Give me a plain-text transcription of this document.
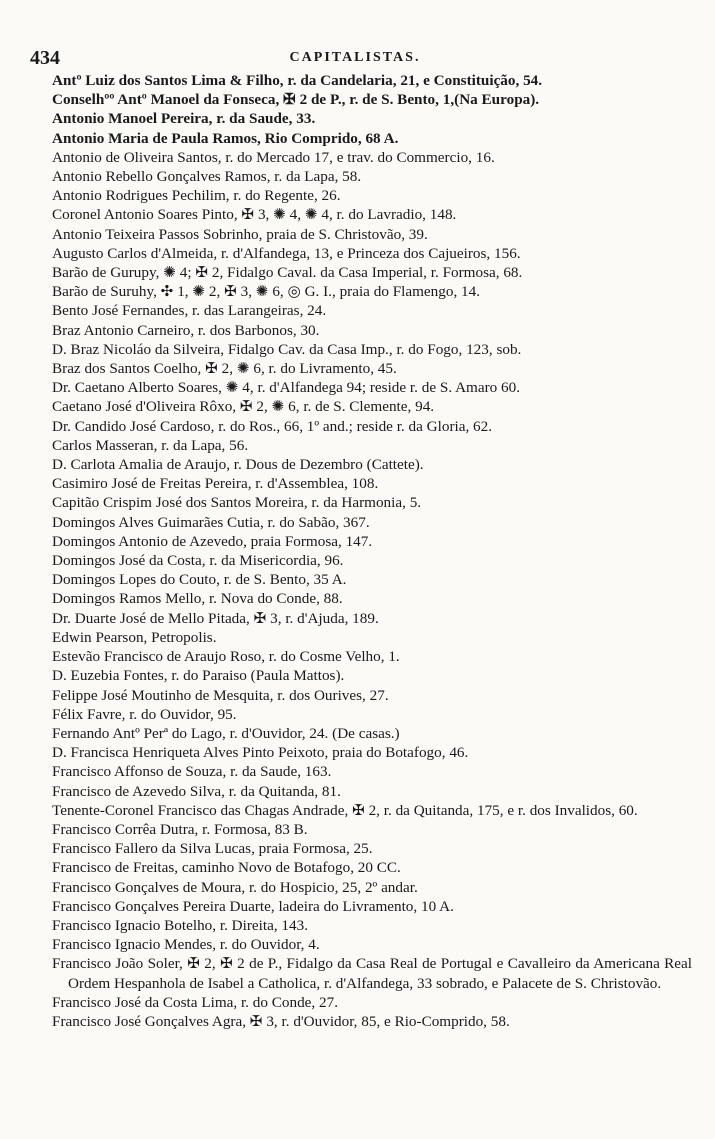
434	CAPITALISTAS.
Antº Luiz dos Santos Lima & Filho, r. da Candelaria, 21, e Constituição, 54.
Conselhºº Antº Manoel da Fonseca, ✠ 2 de P., r. de S. Bento, 1,(Na Europa).
Antonio Manoel Pereira, r. da Saude, 33.
Antonio Maria de Paula Ramos, Rio Comprido, 68 A.
Antonio de Oliveira Santos, r. do Mercado 17, e trav. do Commercio, 16.
Antonio Rebello Gonçalves Ramos, r. da Lapa, 58.
Antonio Rodrigues Pechilim, r. do Regente, 26.
Coronel Antonio Soares Pinto, ✠ 3, ✺ 4, ✺ 4, r. do Lavradio, 148.
Antonio Teixeira Passos Sobrinho, praia de S. Christovão, 39.
Augusto Carlos d'Almeida, r. d'Alfandega, 13, e Princeza dos Cajueiros, 156.
Barão de Gurupy, ✺ 4; ✠ 2, Fidalgo Caval. da Casa Imperial, r. Formosa, 68.
Barão de Suruhy, ✣ 1, ✺ 2, ✠ 3, ✺ 6, ◎ G. I., praia do Flamengo, 14.
Bento José Fernandes, r. das Larangeiras, 24.
Braz Antonio Carneiro, r. dos Barbonos, 30.
D. Braz Nicoláo da Silveira, Fidalgo Cav. da Casa Imp., r. do Fogo, 123, sob.
Braz dos Santos Coelho, ✠ 2, ✺ 6, r. do Livramento, 45.
Dr. Caetano Alberto Soares, ✺ 4, r. d'Alfandega 94; reside r. de S. Amaro 60.
Caetano José d'Oliveira Rôxo, ✠ 2, ✺ 6, r. de S. Clemente, 94.
Dr. Candido José Cardoso, r. do Ros., 66, 1º and.; reside r. da Gloria, 62.
Carlos Masseran, r. da Lapa, 56.
D. Carlota Amalia de Araujo, r. Dous de Dezembro (Cattete).
Casimiro José de Freitas Pereira, r. d'Assemblea, 108.
Capitão Crispim José dos Santos Moreira, r. da Harmonia, 5.
Domingos Alves Guimarães Cutia, r. do Sabão, 367.
Domingos Antonio de Azevedo, praia Formosa, 147.
Domingos José da Costa, r. da Misericordia, 96.
Domingos Lopes do Couto, r. de S. Bento, 35 A.
Domingos Ramos Mello, r. Nova do Conde, 88.
Dr. Duarte José de Mello Pitada, ✠ 3, r. d'Ajuda, 189.
Edwin Pearson, Petropolis.
Estevão Francisco de Araujo Roso, r. do Cosme Velho, 1.
D. Euzebia Fontes, r. do Paraiso (Paula Mattos).
Felippe José Moutinho de Mesquita, r. dos Ourives, 27.
Félix Favre, r. do Ouvidor, 95.
Fernando Antº Perª do Lago, r. d'Ouvidor, 24. (De casas.)
D. Francisca Henriqueta Alves Pinto Peixoto, praia do Botafogo, 46.
Francisco Affonso de Souza, r. da Saude, 163.
Francisco de Azevedo Silva, r. da Quitanda, 81.
Tenente-Coronel Francisco das Chagas Andrade, ✠ 2, r. da Quitanda, 175, e r. dos Invalidos, 60.
Francisco Corrêa Dutra, r. Formosa, 83 B.
Francisco Fallero da Silva Lucas, praia Formosa, 25.
Francisco de Freitas, caminho Novo de Botafogo, 20 CC.
Francisco Gonçalves de Moura, r. do Hospicio, 25, 2º andar.
Francisco Gonçalves Pereira Duarte, ladeira do Livramento, 10 A.
Francisco Ignacio Botelho, r. Direita, 143.
Francisco Ignacio Mendes, r. do Ouvidor, 4.
Francisco João Soler, ✠ 2, ✠ 2 de P., Fidalgo da Casa Real de Portugal e Cavalleiro da Americana Real Ordem Hespanhola de Isabel a Catholica, r. d'Alfandega, 33 sobrado, e Palacete de S. Christovão.
Francisco José da Costa Lima, r. do Conde, 27.
Francisco José Gonçalves Agra, ✠ 3, r. d'Ouvidor, 85, e Rio-Comprido, 58.
